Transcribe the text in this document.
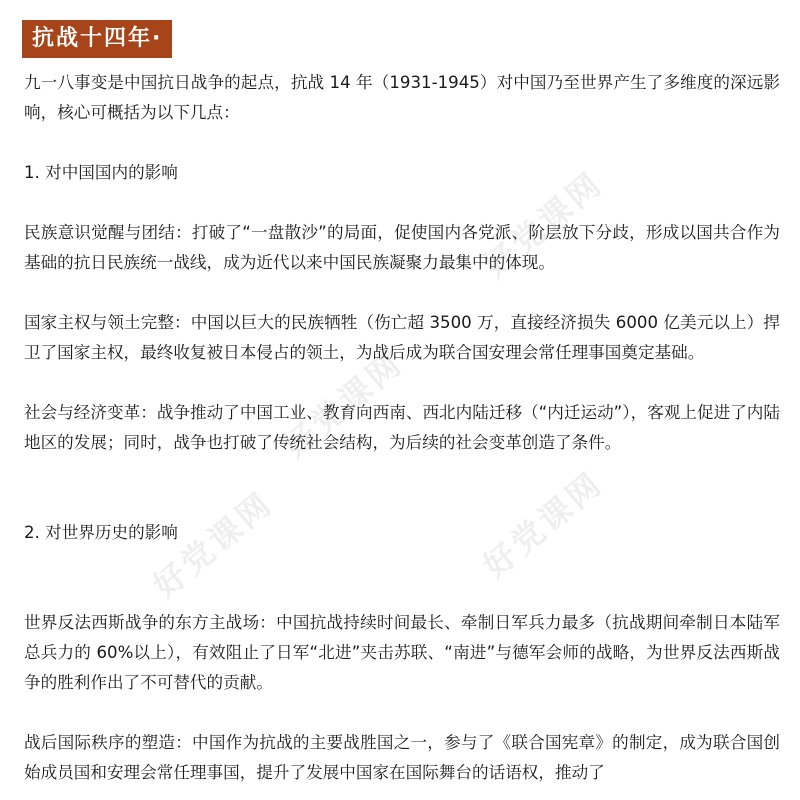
好党课网
好党课网
好党课网	好党课网
抗战十四年·

九一八事变是中国抗日战争的起点，抗战 14 年（1931-1945）对中国乃至世界产生了多维度的深远影响，核心可概括为以下几点：

1. 对中国国内的影响

民族意识觉醒与团结：打破了“一盘散沙”的局面，促使国内各党派、阶层放下分歧，形成以国共合作为基础的抗日民族统一战线，成为近代以来中国民族凝聚力最集中的体现。

国家主权与领土完整：中国以巨大的民族牺牲（伤亡超 3500 万，直接经济损失 6000 亿美元以上）捍卫了国家主权，最终收复被日本侵占的领土，为战后成为联合国安理会常任理事国奠定基础。

社会与经济变革：战争推动了中国工业、教育向西南、西北内陆迁移（“内迁运动”），客观上促进了内陆地区的发展；同时，战争也打破了传统社会结构，为后续的社会变革创造了条件。

2. 对世界历史的影响

世界反法西斯战争的东方主战场：中国抗战持续时间最长、牵制日军兵力最多（抗战期间牵制日本陆军总兵力的 60%以上），有效阻止了日军“北进”夹击苏联、“南进”与德军会师的战略，为世界反法西斯战争的胜利作出了不可替代的贡献。

战后国际秩序的塑造：中国作为抗战的主要战胜国之一，参与了《联合国宪章》的制定，成为联合国创始成员国和安理会常任理事国，提升了发展中国家在国际舞台的话语权，推动了
